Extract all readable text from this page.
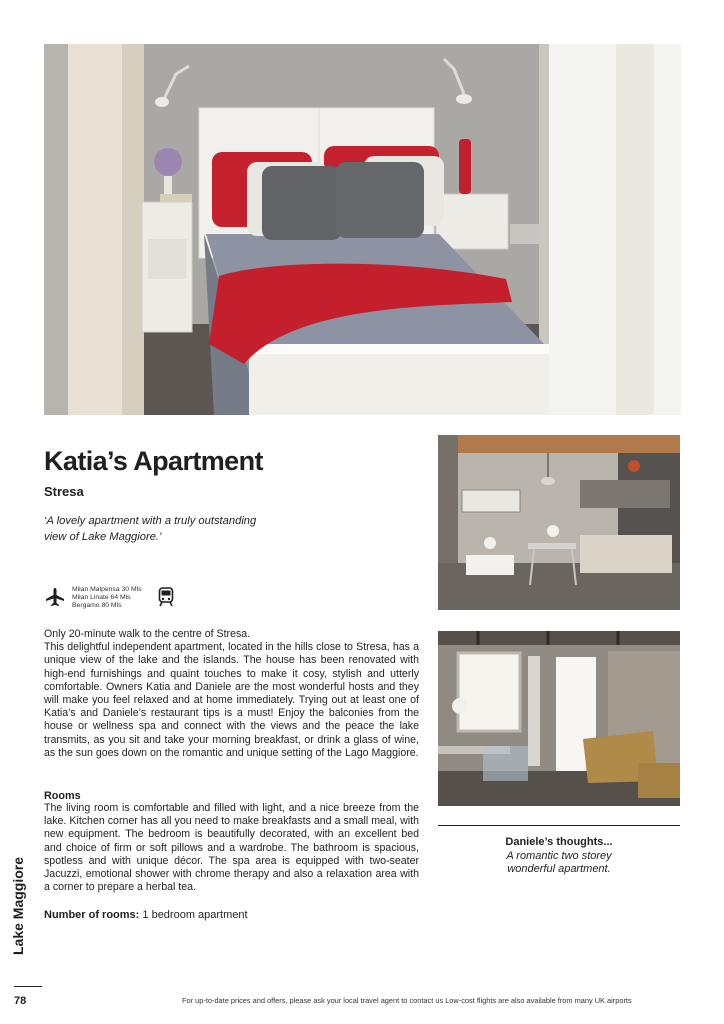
Katia’s Apartment
Stresa
‘A lovely apartment with a truly outstanding view of Lake Maggiore.’
Milan Malpensa 30 Mls
Milan Linate 64 Mls
Bergamo 80 Mls

Only 20-minute walk to the centre of Stresa.

This delightful independent apartment, located in the hills close to Stresa, has a unique view of the lake and the islands. The house has been renovated with high-end furnishings and quaint touches to make it cosy, stylish and utterly comfortable. Owners Katia and Daniele are the most wonderful hosts and they will make you feel relaxed and at home immediately. Trying out at least one of Katia’s and Daniele’s restaurant tips is a must! Enjoy the balconies from the house or wellness spa and connect with the views and the peace the lake transmits, as you sit and take your morning breakfast, or drink a glass of wine, as the sun goes down on the romantic and unique setting of the Lago Maggiore.

Rooms

The living room is comfortable and filled with light, and a nice breeze from the lake. Kitchen corner has all you need to make breakfasts and a small meal, with new equipment. The bedroom is beautifully decorated, with an excellent bed and choice of firm or soft pillows and a wardrobe. The bathroom is spacious, spotless and with unique décor. The spa area is equipped with two-seater Jacuzzi, emotional shower with chrome therapy and also a relaxation area with a corner to prepare a herbal tea.

Number of rooms: 1 bedroom apartment
Daniele’s thoughts...
A romantic two storey
wonderful apartment.
Lake Maggiore
78	For up-to-date prices and offers, please ask your local travel agent to contact us Low-cost flights are also available from many UK airports
